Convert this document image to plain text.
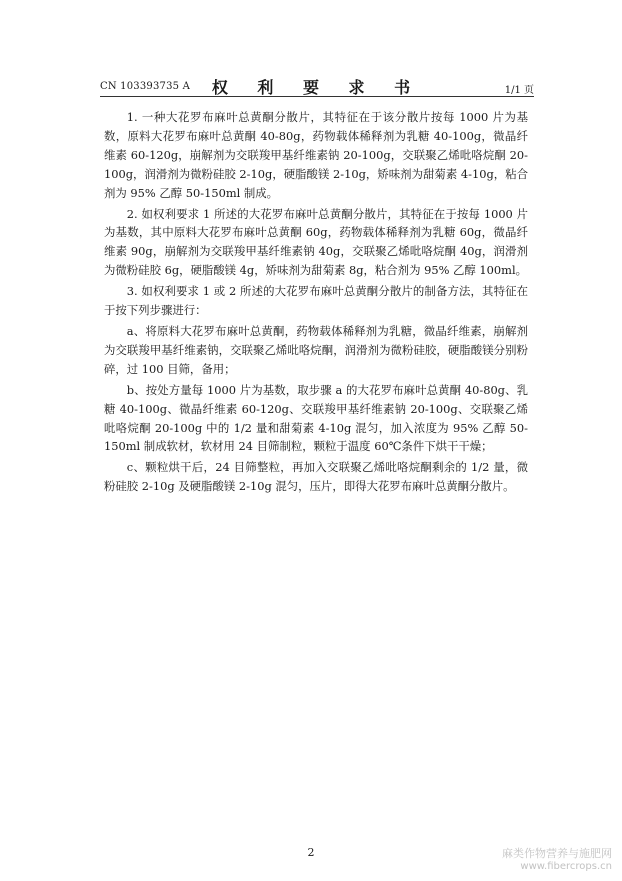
CN 103393735 A	权 利 要 求 书	1/1 页

1. 一种大花罗布麻叶总黄酮分散片，其特征在于该分散片按每 1000 片为基数，原料大花罗布麻叶总黄酮 40-80g，药物载体稀释剂为乳糖 40-100g，微晶纤维素 60-120g，崩解剂为交联羧甲基纤维素钠 20-100g，交联聚乙烯吡咯烷酮 20-100g，润滑剂为微粉硅胶 2-10g，硬脂酸镁 2-10g，矫味剂为甜菊素 4-10g，粘合剂为 95% 乙醇 50-150ml 制成。

2. 如权利要求 1 所述的大花罗布麻叶总黄酮分散片，其特征在于按每 1000 片为基数，其中原料大花罗布麻叶总黄酮 60g，药物载体稀释剂为乳糖 60g，微晶纤维素 90g，崩解剂为交联羧甲基纤维素钠 40g，交联聚乙烯吡咯烷酮 40g，润滑剂为微粉硅胶 6g，硬脂酸镁 4g，矫味剂为甜菊素 8g，粘合剂为 95% 乙醇 100ml。

3. 如权利要求 1 或 2 所述的大花罗布麻叶总黄酮分散片的制备方法，其特征在于按下列步骤进行：

a、将原料大花罗布麻叶总黄酮，药物载体稀释剂为乳糖，微晶纤维素，崩解剂为交联羧甲基纤维素钠，交联聚乙烯吡咯烷酮，润滑剂为微粉硅胶，硬脂酸镁分别粉碎，过 100 目筛，备用；

b、按处方量每 1000 片为基数，取步骤 a 的大花罗布麻叶总黄酮 40-80g、乳糖 40-100g、微晶纤维素 60-120g、交联羧甲基纤维素钠 20-100g、交联聚乙烯吡咯烷酮 20-100g 中的 1/2 量和甜菊素 4-10g 混匀，加入浓度为 95% 乙醇 50-150ml 制成软材，软材用 24 目筛制粒，颗粒于温度 60℃条件下烘干干燥；

c、颗粒烘干后，24 目筛整粒，再加入交联聚乙烯吡咯烷酮剩余的 1/2 量，微粉硅胶 2-10g 及硬脂酸镁 2-10g 混匀，压片，即得大花罗布麻叶总黄酮分散片。

2	麻类作物营养与施肥网
www.fibercrops.cn
